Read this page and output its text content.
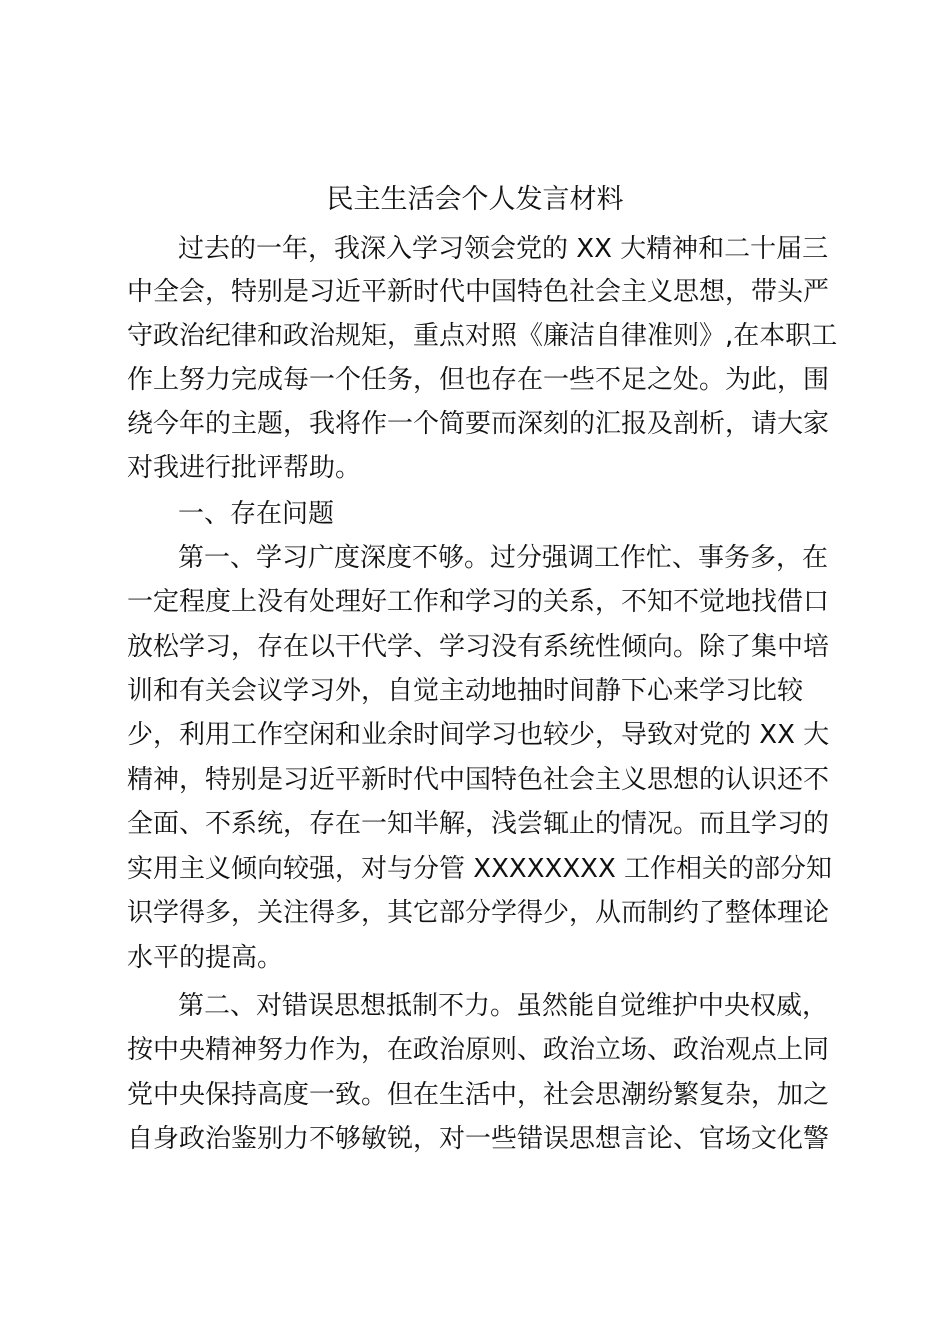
民主生活会个人发言材料
过去的一年，我深入学习领会党的 XX 大精神和二十届三
中全会，特别是习近平新时代中国特色社会主义思想，带头严
守政治纪律和政治规矩，重点对照《廉洁自律准则》,在本职工
作上努力完成每一个任务，但也存在一些不足之处。为此，围
绕今年的主题，我将作一个简要而深刻的汇报及剖析，请大家
对我进行批评帮助。
一、存在问题
第一、学习广度深度不够。过分强调工作忙、事务多，在
一定程度上没有处理好工作和学习的关系，不知不觉地找借口
放松学习，存在以干代学、学习没有系统性倾向。除了集中培
训和有关会议学习外，自觉主动地抽时间静下心来学习比较
少，利用工作空闲和业余时间学习也较少，导致对党的 XX 大
精神，特别是习近平新时代中国特色社会主义思想的认识还不
全面、不系统，存在一知半解，浅尝辄止的情况。而且学习的
实用主义倾向较强，对与分管 XXXXXXXX 工作相关的部分知
识学得多，关注得多，其它部分学得少，从而制约了整体理论
水平的提高。
第二、对错误思想抵制不力。虽然能自觉维护中央权威，
按中央精神努力作为，在政治原则、政治立场、政治观点上同
党中央保持高度一致。但在生活中，社会思潮纷繁复杂，加之
自身政治鉴别力不够敏锐，对一些错误思想言论、官场文化警
